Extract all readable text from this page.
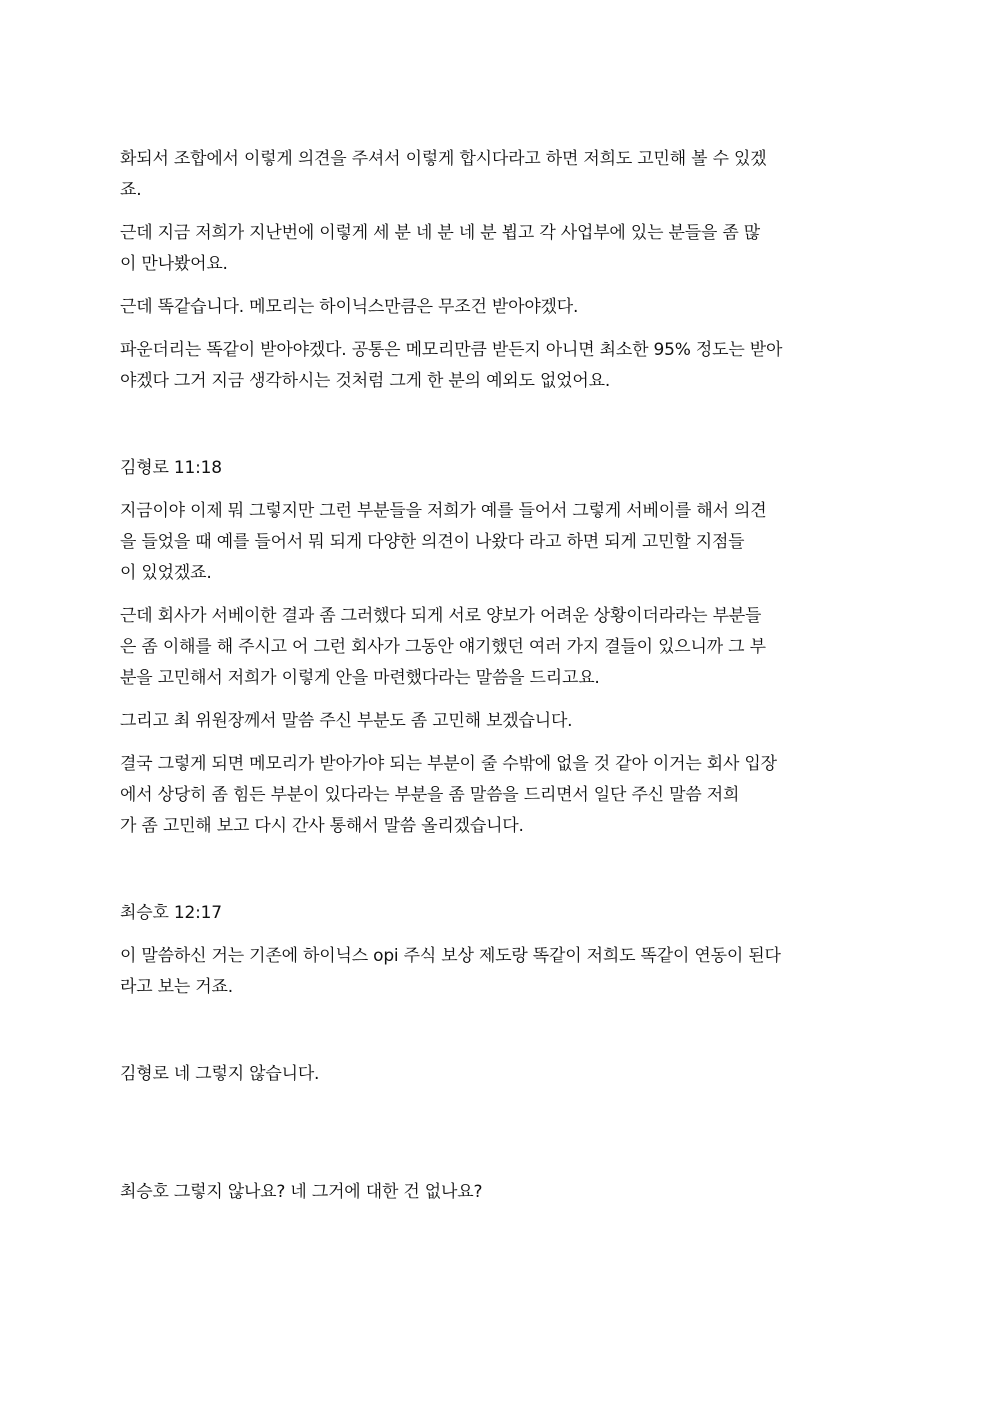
화되서 조합에서 이렇게 의견을 주셔서 이렇게 합시다라고 하면 저희도 고민해 볼 수 있겠
죠.
근데 지금 저희가 지난번에 이렇게 세 분 네 분 네 분 뵙고 각 사업부에 있는 분들을 좀 많
이 만나봤어요.
근데 똑같습니다. 메모리는 하이닉스만큼은 무조건 받아야겠다.
파운더리는 똑같이 받아야겠다. 공통은 메모리만큼 받든지 아니면 최소한 95% 정도는 받아
야겠다 그거 지금 생각하시는 것처럼 그게 한 분의 예외도 없었어요.
김형로 11:18
지금이야 이제 뭐 그렇지만 그런 부분들을 저희가 예를 들어서 그렇게 서베이를 해서 의견
을 들었을 때 예를 들어서 뭐 되게 다양한 의견이 나왔다 라고 하면 되게 고민할 지점들
이 있었겠죠.
근데 회사가 서베이한 결과 좀 그러했다 되게 서로 양보가 어려운 상황이더라라는 부분들
은 좀 이해를 해 주시고 어 그런 회사가 그동안 얘기했던 여러 가지 결들이 있으니까 그 부
분을 고민해서 저희가 이렇게 안을 마련했다라는 말씀을 드리고요.
그리고 최 위원장께서 말씀 주신 부분도 좀 고민해 보겠습니다.
결국 그렇게 되면 메모리가 받아가야 되는 부분이 줄 수밖에 없을 것 같아 이거는 회사 입장
에서 상당히 좀 힘든 부분이 있다라는 부분을 좀 말씀을 드리면서 일단 주신 말씀 저희
가 좀 고민해 보고 다시 간사 통해서 말씀 올리겠습니다.
최승호 12:17
이 말씀하신 거는 기존에 하이닉스 opi 주식 보상 제도랑 똑같이 저희도 똑같이 연동이 된다
라고 보는 거죠.
김형로 네 그렇지 않습니다.
최승호 그렇지 않나요? 네 그거에 대한 건 없나요?
